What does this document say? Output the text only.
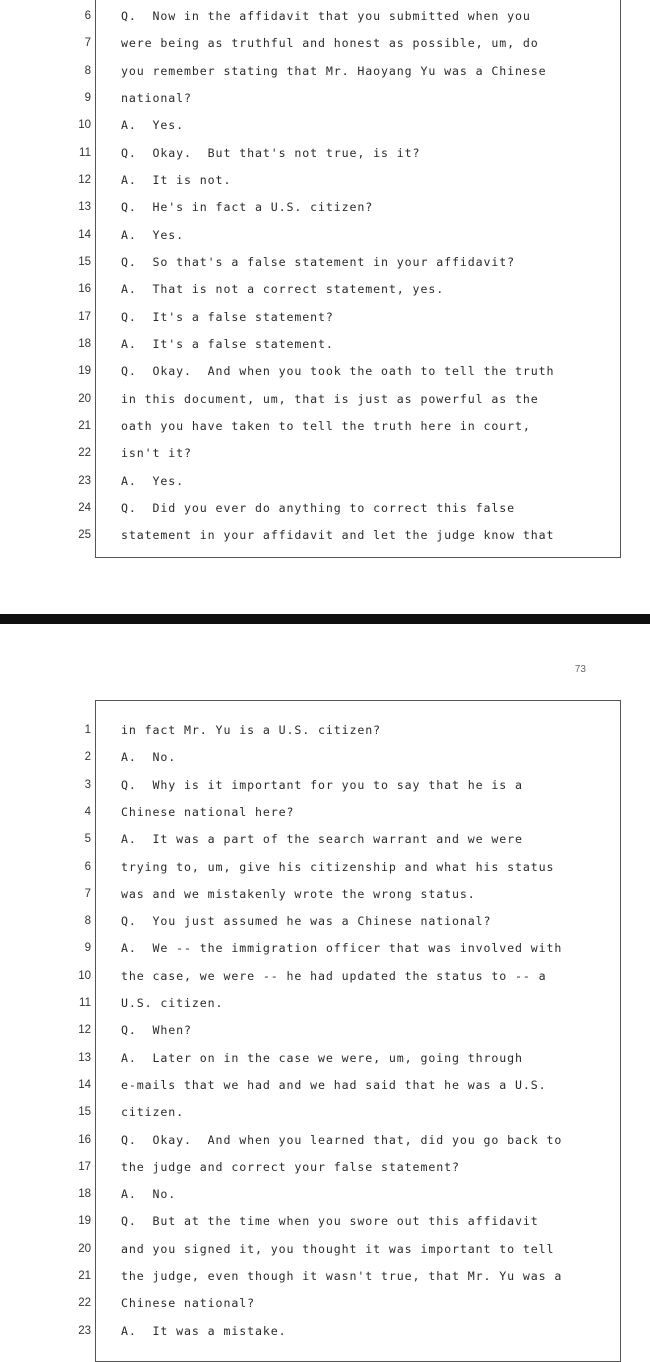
6	Q.  Now in the affidavit that you submitted when you
7	were being as truthful and honest as possible, um, do
8	you remember stating that Mr. Haoyang Yu was a Chinese
9	national?
10	A.  Yes.
11	Q.  Okay.  But that's not true, is it?
12	A.  It is not.
13	Q.  He's in fact a U.S. citizen?
14	A.  Yes.
15	Q.  So that's a false statement in your affidavit?
16	A.  That is not a correct statement, yes.
17	Q.  It's a false statement?
18	A.  It's a false statement.
19	Q.  Okay.  And when you took the oath to tell the truth
20	in this document, um, that is just as powerful as the
21	oath you have taken to tell the truth here in court,
22	isn't it?
23	A.  Yes.
24	Q.  Did you ever do anything to correct this false
25	statement in your affidavit and let the judge know that
73
1	in fact Mr. Yu is a U.S. citizen?
2	A.  No.
3	Q.  Why is it important for you to say that he is a
4	Chinese national here?
5	A.  It was a part of the search warrant and we were
6	trying to, um, give his citizenship and what his status
7	was and we mistakenly wrote the wrong status.
8	Q.  You just assumed he was a Chinese national?
9	A.  We -- the immigration officer that was involved with
10	the case, we were -- he had updated the status to -- a
11	U.S. citizen.
12	Q.  When?
13	A.  Later on in the case we were, um, going through
14	e-mails that we had and we had said that he was a U.S.
15	citizen.
16	Q.  Okay.  And when you learned that, did you go back to
17	the judge and correct your false statement?
18	A.  No.
19	Q.  But at the time when you swore out this affidavit
20	and you signed it, you thought it was important to tell
21	the judge, even though it wasn't true, that Mr. Yu was a
22	Chinese national?
23	A.  It was a mistake.
